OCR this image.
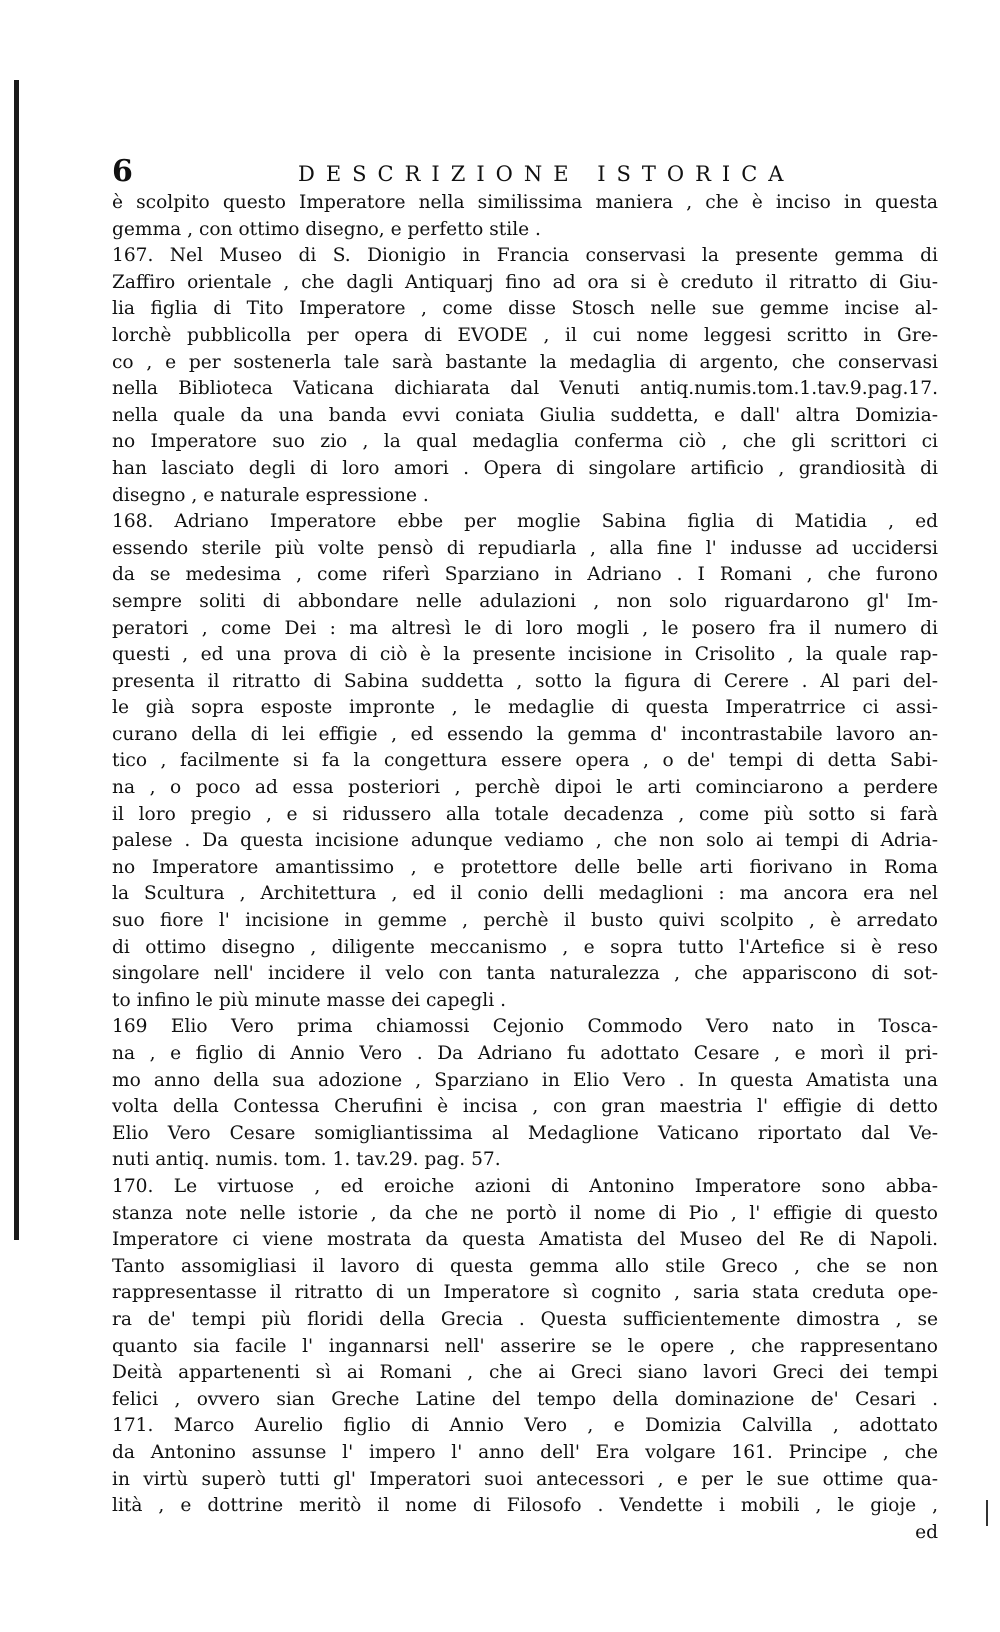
6	DESCRIZIONE ISTORICA
è scolpito questo Imperatore nella similissima maniera , che è inciso in questa
gemma , con ottimo disegno, e perfetto stile .
167. Nel Museo di S. Dionigio in Francia conservasi la presente gemma di
Zaffiro orientale , che dagli Antiquarj fino ad ora si è creduto il ritratto di Giu-
lia figlia di Tito Imperatore , come disse Stosch nelle sue gemme incise al-
lorchè pubblicolla per opera di EVODE , il cui nome leggesi scritto in Gre-
co , e per sostenerla tale sarà bastante la medaglia di argento, che conservasi
nella Biblioteca Vaticana dichiarata dal Venuti antiq.numis.tom.1.tav.9.pag.17.
nella quale da una banda evvi coniata Giulia suddetta, e dall' altra Domizia-
no Imperatore suo zio , la qual medaglia conferma ciò , che gli scrittori ci
han lasciato degli di loro amori . Opera di singolare artificio , grandiosità di
disegno , e naturale espressione .
168. Adriano Imperatore ebbe per moglie Sabina figlia di Matidia , ed
essendo sterile più volte pensò di repudiarla , alla fine l' indusse ad uccidersi
da se medesima , come riferì Sparziano in Adriano . I Romani , che furono
sempre soliti di abbondare nelle adulazioni , non solo riguardarono gl' Im-
peratori , come Dei : ma altresì le di loro mogli , le posero fra il numero di
questi , ed una prova di ciò è la presente incisione in Crisolito , la quale rap-
presenta il ritratto di Sabina suddetta , sotto la figura di Cerere . Al pari del-
le già sopra esposte impronte , le medaglie di questa Imperatrrice ci assi-
curano della di lei effigie , ed essendo la gemma d' incontrastabile lavoro an-
tico , facilmente si fa la congettura essere opera , o de' tempi di detta Sabi-
na , o poco ad essa posteriori , perchè dipoi le arti cominciarono a perdere
il loro pregio , e si ridussero alla totale decadenza , come più sotto si farà
palese . Da questa incisione adunque vediamo , che non solo ai tempi di Adria-
no Imperatore amantissimo , e protettore delle belle arti fiorivano in Roma
la Scultura , Architettura , ed il conio delli medaglioni : ma ancora era nel
suo fiore l' incisione in gemme , perchè il busto quivi scolpito , è arredato
di ottimo disegno , diligente meccanismo , e sopra tutto l'Artefice si è reso
singolare nell' incidere il velo con tanta naturalezza , che appariscono di sot-
to infino le più minute masse dei capegli .
169 Elio Vero prima chiamossi Cejonio Commodo Vero nato in Tosca-
na , e figlio di Annio Vero . Da Adriano fu adottato Cesare , e morì il pri-
mo anno della sua adozione , Sparziano in Elio Vero . In questa Amatista una
volta della Contessa Cherufini è incisa , con gran maestria l' effigie di detto
Elio Vero Cesare somigliantissima al Medaglione Vaticano riportato dal Ve-
nuti antiq. numis. tom. 1. tav.29. pag. 57.
170. Le virtuose , ed eroiche azioni di Antonino Imperatore sono abba-
stanza note nelle istorie , da che ne portò il nome di Pio , l' effigie di questo
Imperatore ci viene mostrata da questa Amatista del Museo del Re di Napoli.
Tanto assomigliasi il lavoro di questa gemma allo stile Greco , che se non
rappresentasse il ritratto di un Imperatore sì cognito , saria stata creduta ope-
ra de' tempi più floridi della Grecia . Questa sufficientemente dimostra , se
quanto sia facile l' ingannarsi nell' asserire se le opere , che rappresentano
Deità appartenenti sì ai Romani , che ai Greci siano lavori Greci dei tempi
felici , ovvero sian Greche Latine del tempo della dominazione de' Cesari .
171. Marco Aurelio figlio di Annio Vero , e Domizia Calvilla , adottato
da Antonino assunse l' impero l' anno dell' Era volgare 161. Principe , che
in virtù superò tutti gl' Imperatori suoi antecessori , e per le sue ottime qua-
lità , e dottrine meritò il nome di Filosofo . Vendette i mobili , le gioje ,
ed
